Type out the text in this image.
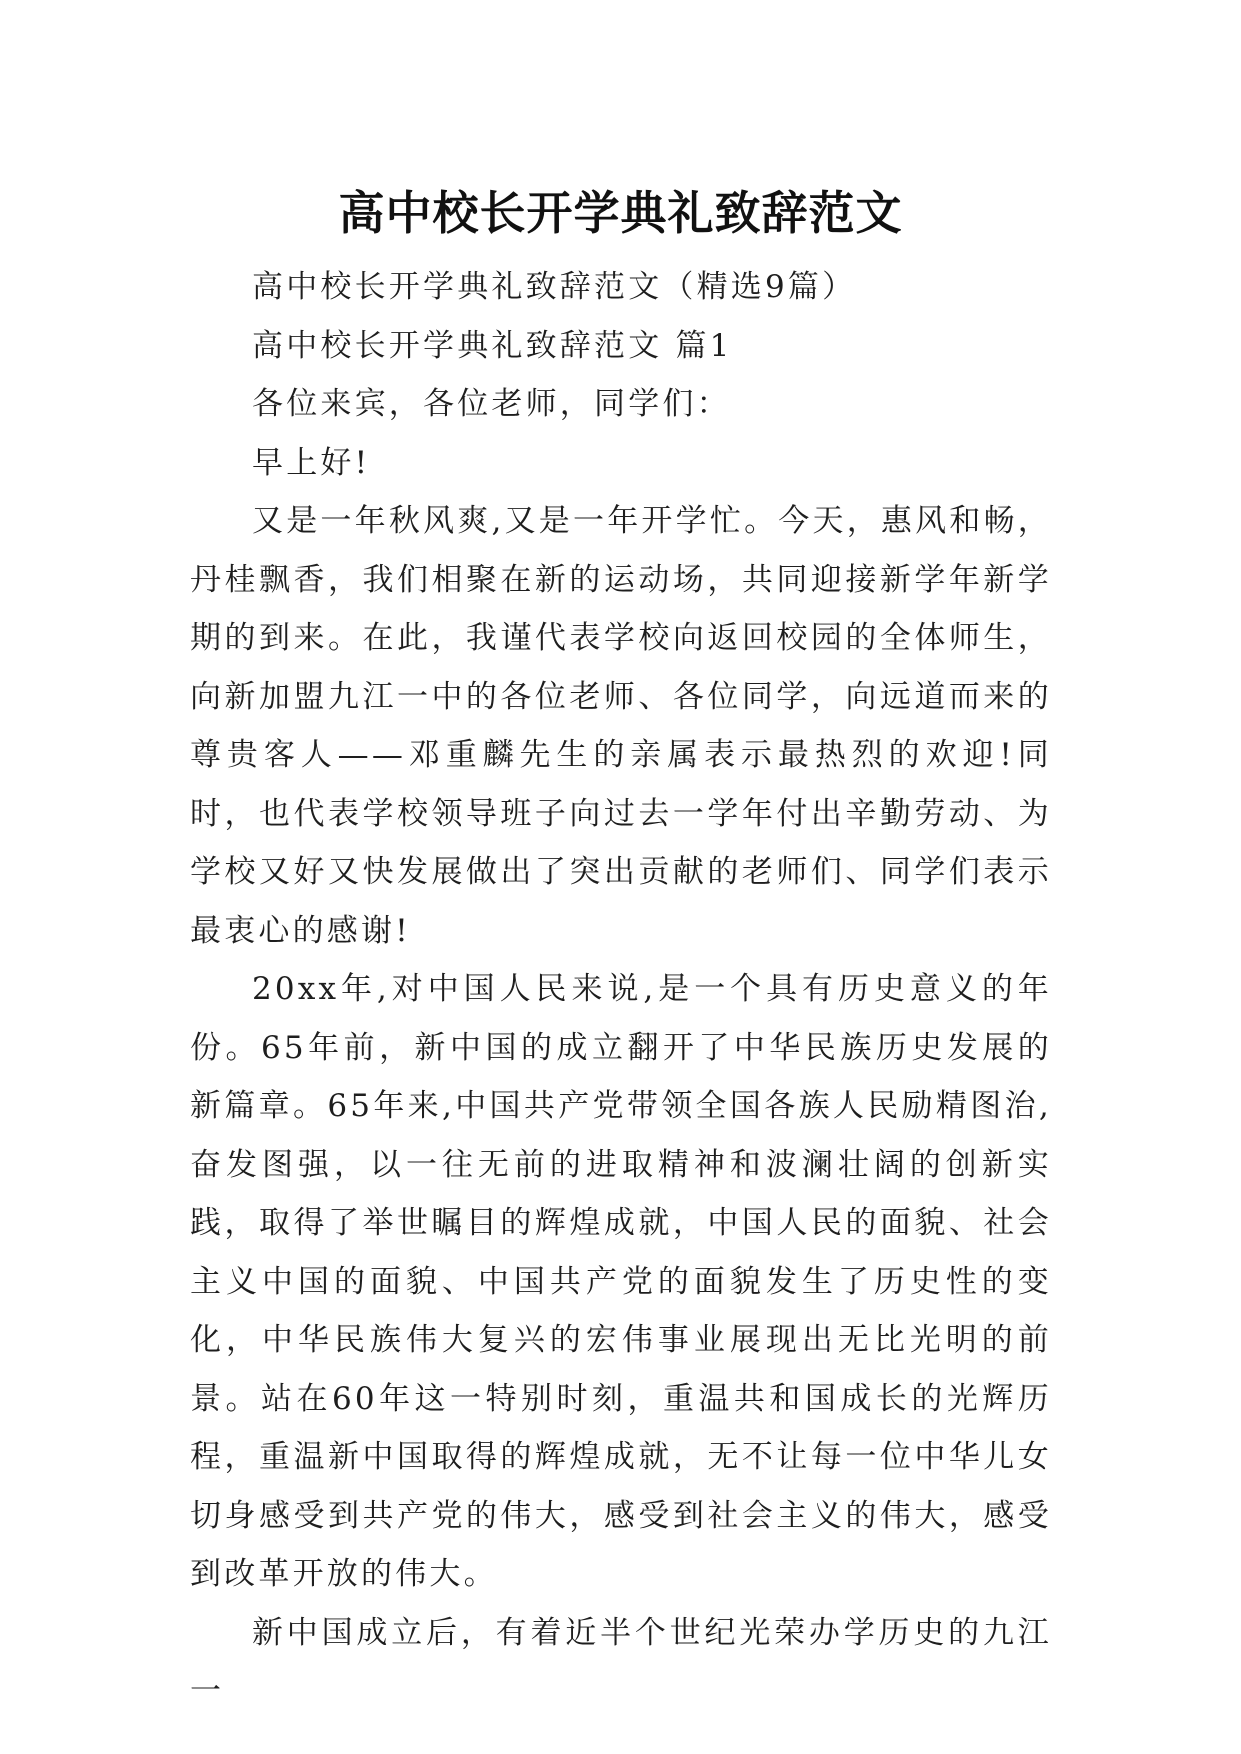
高中校长开学典礼致辞范文

高中校长开学典礼致辞范文（精选9篇）

高中校长开学典礼致辞范文 篇1

各位来宾，各位老师，同学们：

早上好!

又是一年秋风爽,又是一年开学忙。今天，惠风和畅，丹桂飘香，我们相聚在新的运动场，共同迎接新学年新学期的到来。在此，我谨代表学校向返回校园的全体师生，向新加盟九江一中的各位老师、各位同学，向远道而来的尊贵客人——邓重麟先生的亲属表示最热烈的欢迎!同时，也代表学校领导班子向过去一学年付出辛勤劳动、为学校又好又快发展做出了突出贡献的老师们、同学们表示最衷心的感谢!

20xx年,对中国人民来说,是一个具有历史意义的年份。65年前，新中国的成立翻开了中华民族历史发展的新篇章。65年来,中国共产党带领全国各族人民励精图治,奋发图强，以一往无前的进取精神和波澜壮阔的创新实践，取得了举世瞩目的辉煌成就，中国人民的面貌、社会主义中国的面貌、中国共产党的面貌发生了历史性的变化，中华民族伟大复兴的宏伟事业展现出无比光明的前景。站在60年这一特别时刻，重温共和国成长的光辉历程，重温新中国取得的辉煌成就，无不让每一位中华儿女切身感受到共产党的伟大，感受到社会主义的伟大，感受到改革开放的伟大。

新中国成立后，有着近半个世纪光荣办学历史的九江一
